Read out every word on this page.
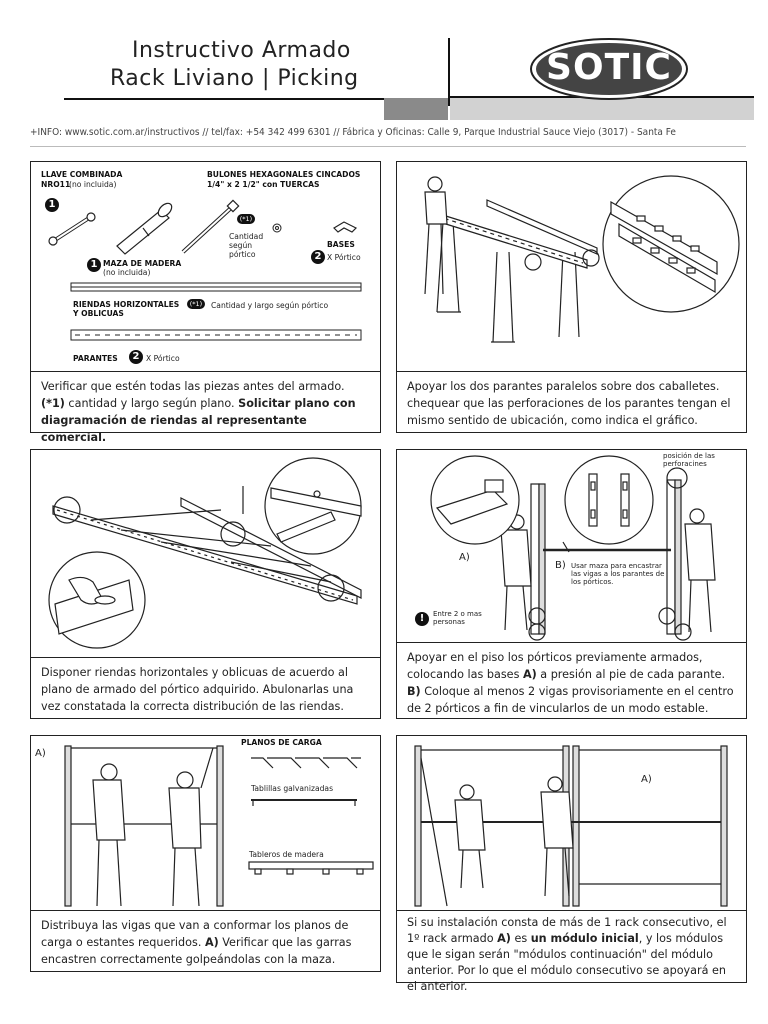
Instructivo Armado
Rack Liviano | Picking	SOTIC
+INFO: www.sotic.com.ar/instructivos // tel/fax: +54 342 499 6301 // Fábrica y Oficinas: Calle 9, Parque Industrial Sauce Viejo (3017) - Santa Fe
LLAVE COMBINADA
NRO11
(no incluida)
1
BULONES HEXAGONALES CINCADOS
1/4" x 2 1/2" con TUERCAS
(*1)
Cantidad según pórtico
BASES
2 X Pórtico
1 MAZA DE MADERA
(no incluida)
RIENDAS HORIZONTALES Y OBLICUAS
(*1)	Cantidad y largo según pórtico
PARANTES	2 X Pórtico
Verificar que estén todas las piezas antes del armado.
(*1) cantidad y largo según plano. Solicitar plano con diagramación de riendas al representante comercial.
Apoyar los dos parantes paralelos sobre dos caballetes. chequear que las perforaciones de los parantes tengan el mismo sentido de ubicación, como indica el gráfico.
Disponer riendas horizontales y oblicuas de acuerdo al plano de armado del pórtico adquirido. Abulonarlas una vez constatada la correcta distribución de las riendas.
posición de las perforacines
A)
B) Usar maza para encastrar las vigas a los parantes de los pórticos.
!	Entre 2 o mas personas
Apoyar en el piso los pórticos previamente armados, colocando las bases A) a presión al pie de cada parante.
B) Coloque al menos 2 vigas provisoriamente en el centro de 2 pórticos a fin de vincularlos de un modo estable.
A)
PLANOS DE CARGA
Tablillas galvanizadas
Tableros de madera
Distribuya las vigas que van a conformar los planos de carga o estantes requeridos. A) Verificar que las garras encastren correctamente golpeándolas con la maza.
A)
Si su instalación consta de más de 1 rack consecutivo, el 1º rack armado A) es un módulo inicial, y los módulos que le sigan serán "módulos continuación" del módulo anterior. Por lo que el módulo consecutivo se apoyará en el anterior.
